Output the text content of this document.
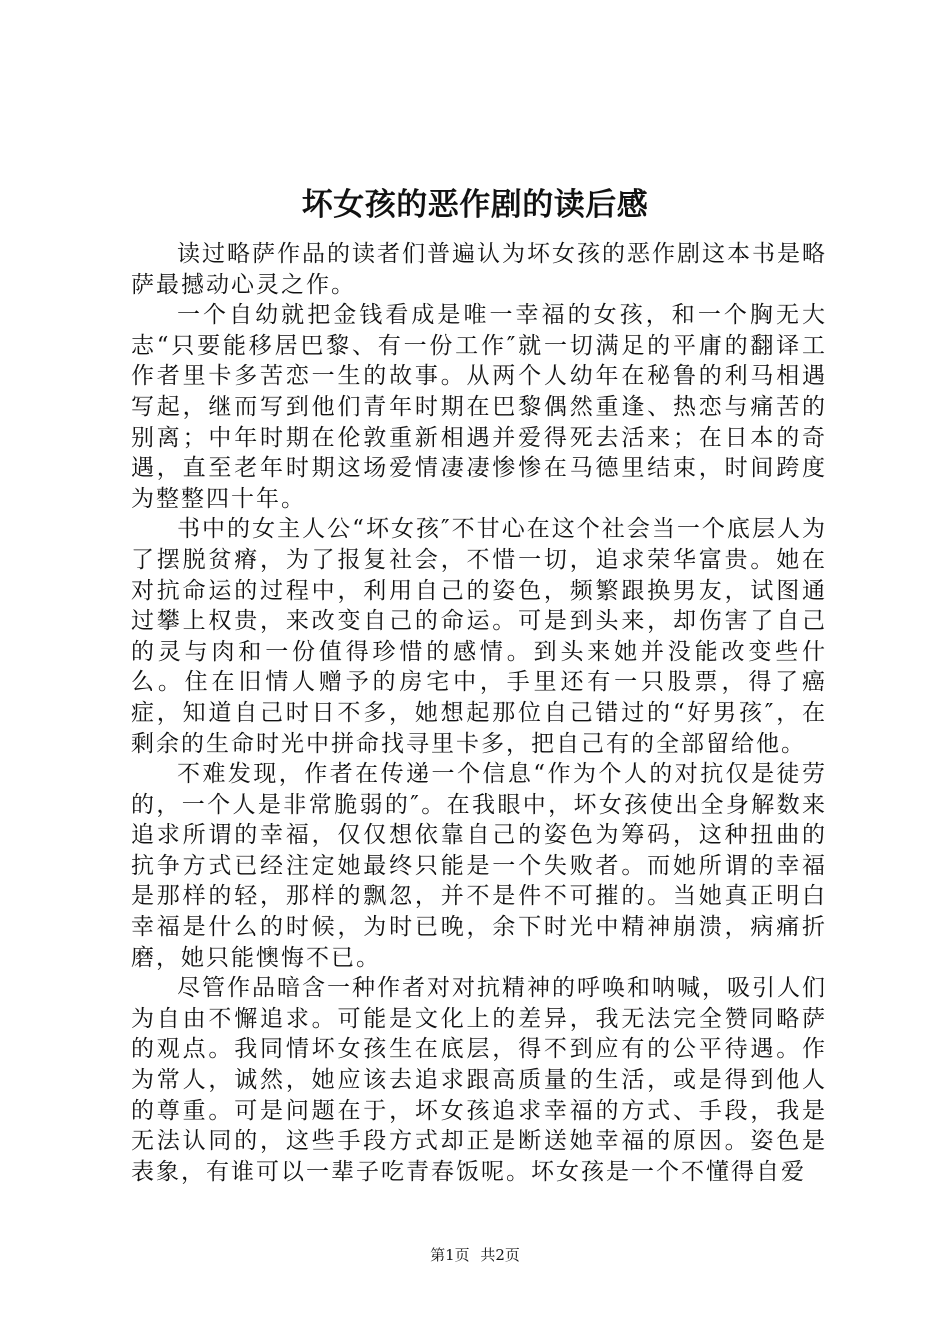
坏女孩的恶作剧的读后感

读过略萨作品的读者们普遍认为坏女孩的恶作剧这本书是略萨最撼动心灵之作。

一个自幼就把金钱看成是唯一幸福的女孩，和一个胸无大志“只要能移居巴黎、有一份工作″就一切满足的平庸的翻译工作者里卡多苦恋一生的故事。从两个人幼年在秘鲁的利马相遇写起，继而写到他们青年时期在巴黎偶然重逢、热恋与痛苦的别离；中年时期在伦敦重新相遇并爱得死去活来；在日本的奇遇，直至老年时期这场爱情凄凄惨惨在马德里结束，时间跨度为整整四十年。

书中的女主人公“坏女孩″不甘心在这个社会当一个底层人为了摆脱贫瘠，为了报复社会，不惜一切，追求荣华富贵。她在对抗命运的过程中，利用自己的姿色，频繁跟换男友，试图通过攀上权贵，来改变自己的命运。可是到头来，却伤害了自己的灵与肉和一份值得珍惜的感情。到头来她并没能改变些什么。住在旧情人赠予的房宅中，手里还有一只股票，得了癌症，知道自己时日不多，她想起那位自己错过的“好男孩″，在剩余的生命时光中拼命找寻里卡多，把自己有的全部留给他。

不难发现，作者在传递一个信息“作为个人的对抗仅是徒劳的，一个人是非常脆弱的″。在我眼中，坏女孩使出全身解数来追求所谓的幸福，仅仅想依靠自己的姿色为筹码，这种扭曲的抗争方式已经注定她最终只能是一个失败者。而她所谓的幸福是那样的轻，那样的飘忽，并不是件不可摧的。当她真正明白幸福是什么的时候，为时已晚，余下时光中精神崩溃，病痛折磨，她只能懊悔不已。

尽管作品暗含一种作者对对抗精神的呼唤和呐喊，吸引人们为自由不懈追求。可能是文化上的差异，我无法完全赞同略萨的观点。我同情坏女孩生在底层，得不到应有的公平待遇。作为常人，诚然，她应该去追求跟高质量的生活，或是得到他人的尊重。可是问题在于，坏女孩追求幸福的方式、手段，我是无法认同的，这些手段方式却正是断送她幸福的原因。姿色是表象，有谁可以一辈子吃青春饭呢。坏女孩是一个不懂得自爱

第1页 共2页
